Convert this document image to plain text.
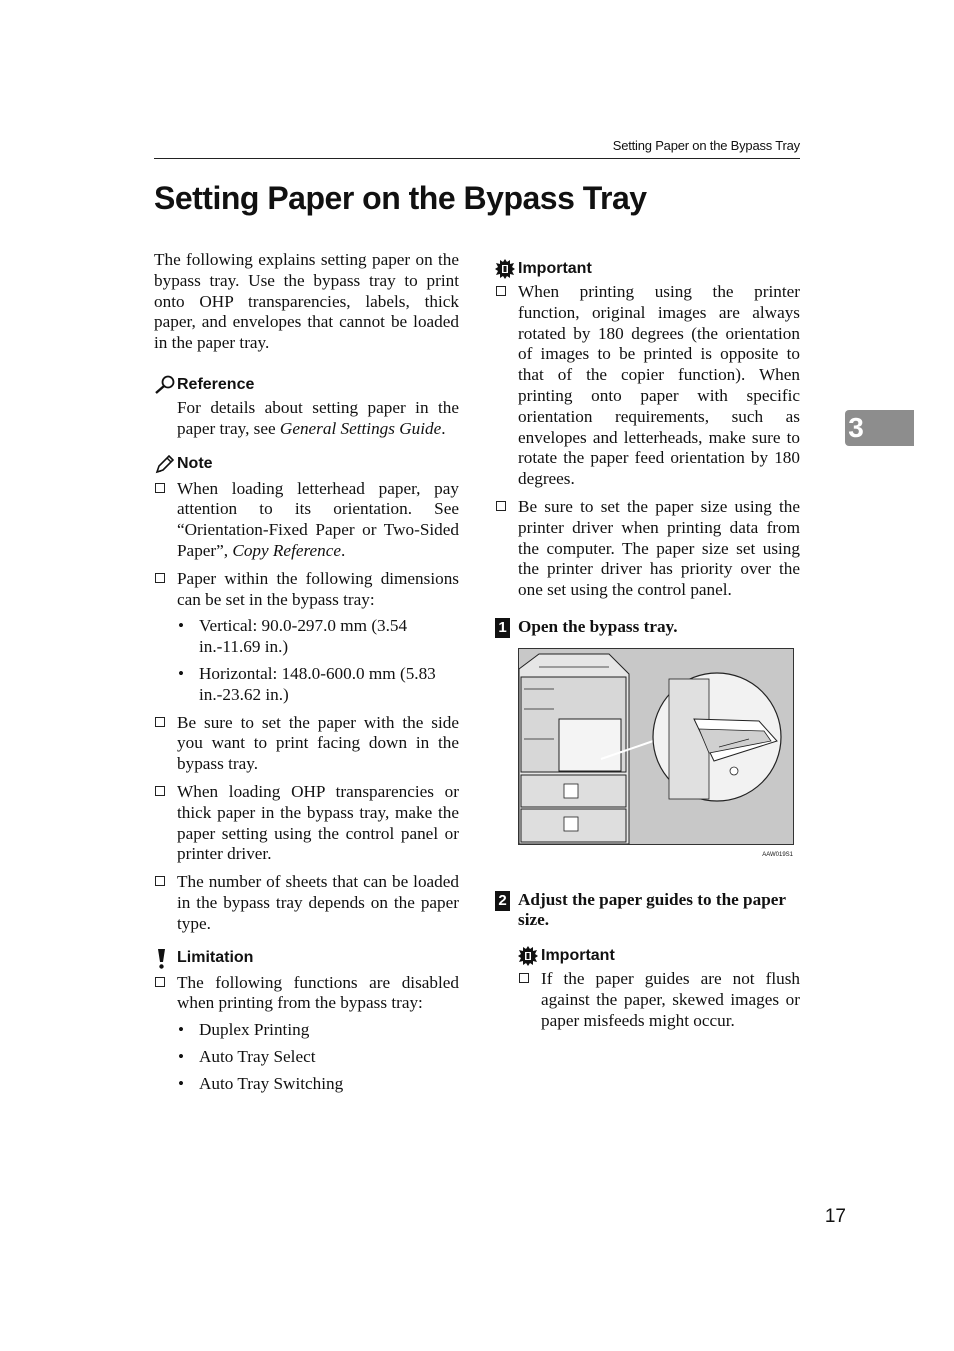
Setting Paper on the Bypass Tray
Setting Paper on the Bypass Tray

The following explains setting paper on the bypass tray. Use the bypass tray to print onto OHP transparencies, labels, thick paper, and envelopes that cannot be loaded in the paper tray.

Reference

For details about setting paper in the paper tray, see General Settings Guide.

Note

When loading letterhead paper, pay attention to its orientation. See “Orientation-Fixed Paper or Two-Sided Paper”, Copy Reference.

Paper within the following dimensions can be set in the bypass tray:

• Vertical: 90.0-297.0 mm (3.54 in.-11.69 in.)

• Horizontal: 148.0-600.0 mm (5.83 in.-23.62 in.)

Be sure to set the paper with the side you want to print facing down in the bypass tray.

When loading OHP transparencies or thick paper in the bypass tray, make the paper setting using the control panel or printer driver.

The number of sheets that can be loaded in the bypass tray depends on the paper type.

Limitation

The following functions are disabled when printing from the bypass tray:

• Duplex Printing

• Auto Tray Select

• Auto Tray Switching

Important

When printing using the printer function, original images are always rotated by 180 degrees (the orientation of images to be printed is opposite to that of the copier function). When printing onto paper with specific orientation requirements, such as envelopes and letterheads, make sure to rotate the paper feed orientation by 180 degrees.

Be sure to set the paper size using the printer driver when printing data from the computer. The paper size set using the printer driver has priority over the one set using the control panel.

1 Open the bypass tray.

AAW019S1

2 Adjust the paper guides to the paper size.

Important

If the paper guides are not flush against the paper, skewed images or paper misfeeds might occur.

3
17
